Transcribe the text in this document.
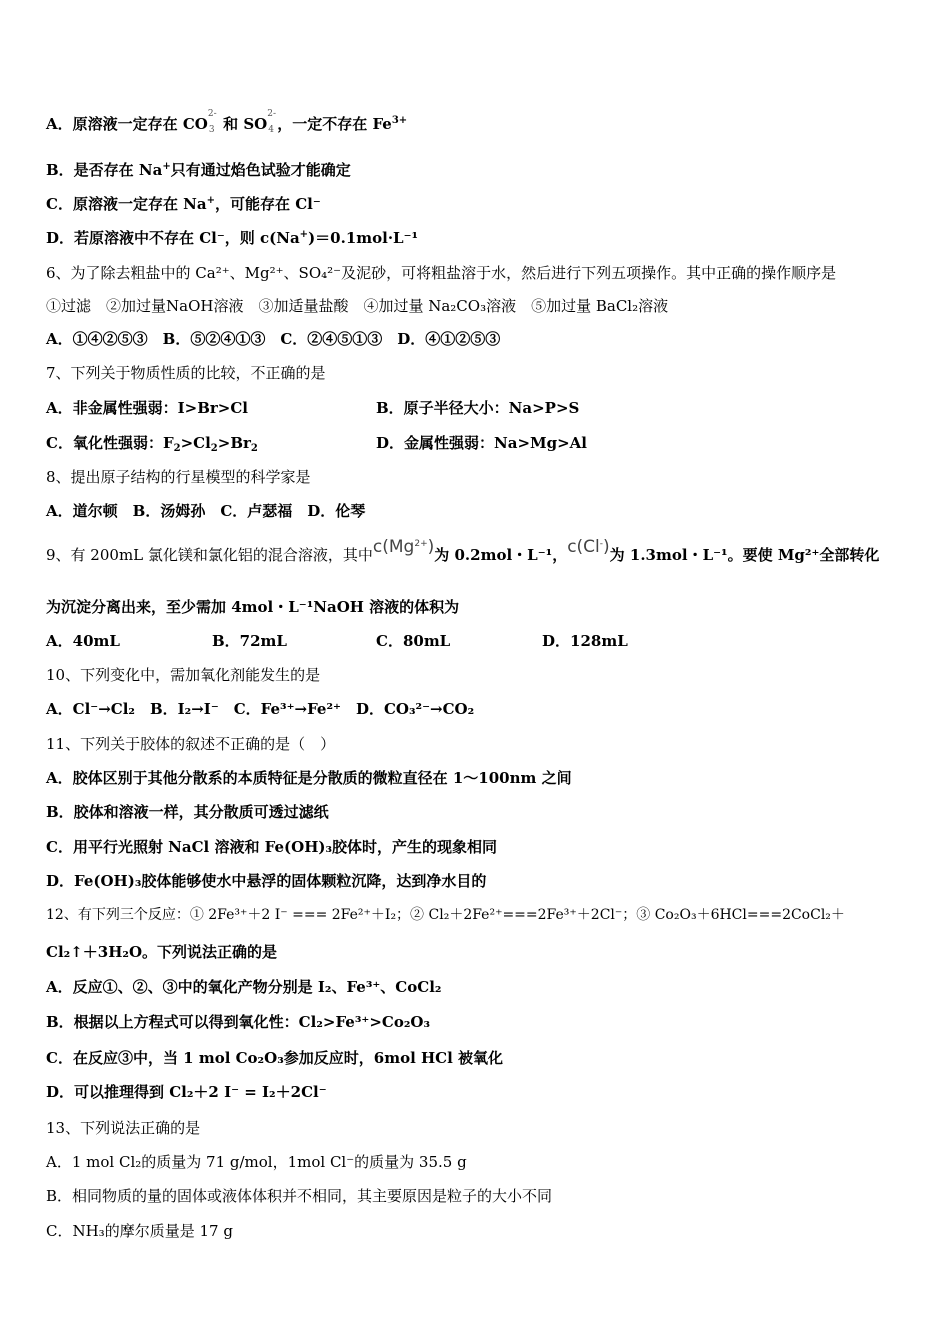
A．原溶液一定存在 CO
2-
3 和 SO
2-
4 ，一定不存在 $Fe^{3+}$
B．是否存在 Na+只有通过焰色试验才能确定
C．原溶液一定存在 Na+，可能存在 Cl⁻
D．若原溶液中不存在 Cl⁻，则 c(Na+)＝0.1mol·L⁻¹
6、为了除去粗盐中的 Ca²⁺、Mg²⁺、SO₄²⁻及泥砂，可将粗盐溶于水，然后进行下列五项操作。其中正确的操作顺序是
①过滤　②加过量NaOH溶液　③加适量盐酸　④加过量 Na₂CO₃溶液　⑤加过量 BaCl₂溶液
A．①④②⑤③　B．⑤②④①③　C．②④⑤①③　D．④①②⑤③
7、下列关于物质性质的比较，不正确的是
A．非金属性强弱：I>Br>Cl	B．原子半径大小：Na>P>S
C．氧化性强弱：$F_2>Cl_2>Br_2$	D．金属性强弱：Na>Mg>Al
8、提出原子结构的行星模型的科学家是
A．道尔顿　B．汤姆孙　C．卢瑟福　D．伦琴
9、有 200mL 氯化镁和氯化铝的混合溶液，其中$c(Mg^{2+})$为 0.2mol・L⁻¹，c(Cl-)为 1.3mol・L⁻¹。要使 Mg²⁺全部转化
为沉淀分离出来，至少需加 4mol・L⁻¹NaOH 溶液的体积为
A．40mL	B．72mL	C．80mL	D．128mL
10、下列变化中，需加氧化剂能发生的是
A．Cl⁻→Cl₂　B．I₂→I⁻　C．Fe³⁺→Fe²⁺　D．CO₃²⁻→CO₂
11、下列关于胶体的叙述不正确的是（　）
A．胶体区别于其他分散系的本质特征是分散质的微粒直径在 1～100nm 之间
B．胶体和溶液一样，其分散质可透过滤纸
C．用平行光照射 NaCl 溶液和 Fe(OH)₃胶体时，产生的现象相同
D．Fe(OH)₃胶体能够使水中悬浮的固体颗粒沉降，达到净水目的
12、有下列三个反应：① 2Fe³⁺＋2 I⁻ === 2Fe²⁺＋I₂；② Cl₂＋2Fe²⁺===2Fe³⁺＋2Cl⁻；③ Co₂O₃＋6HCl===2CoCl₂＋
Cl₂↑＋3H₂O。下列说法正确的是
A．反应①、②、③中的氧化产物分别是 I₂、Fe³⁺、CoCl₂
B．根据以上方程式可以得到氧化性：Cl₂>Fe³⁺>Co₂O₃
C．在反应③中，当 1 mol Co₂O₃参加反应时，6mol HCl 被氧化
D．可以推理得到 Cl₂＋2 I⁻ = I₂＋2Cl⁻
13、下列说法正确的是
A．1 mol Cl₂的质量为 71 g/mol，1mol Cl⁻的质量为 35.5 g
B．相同物质的量的固体或液体体积并不相同，其主要原因是粒子的大小不同
C．NH₃的摩尔质量是 17 g
